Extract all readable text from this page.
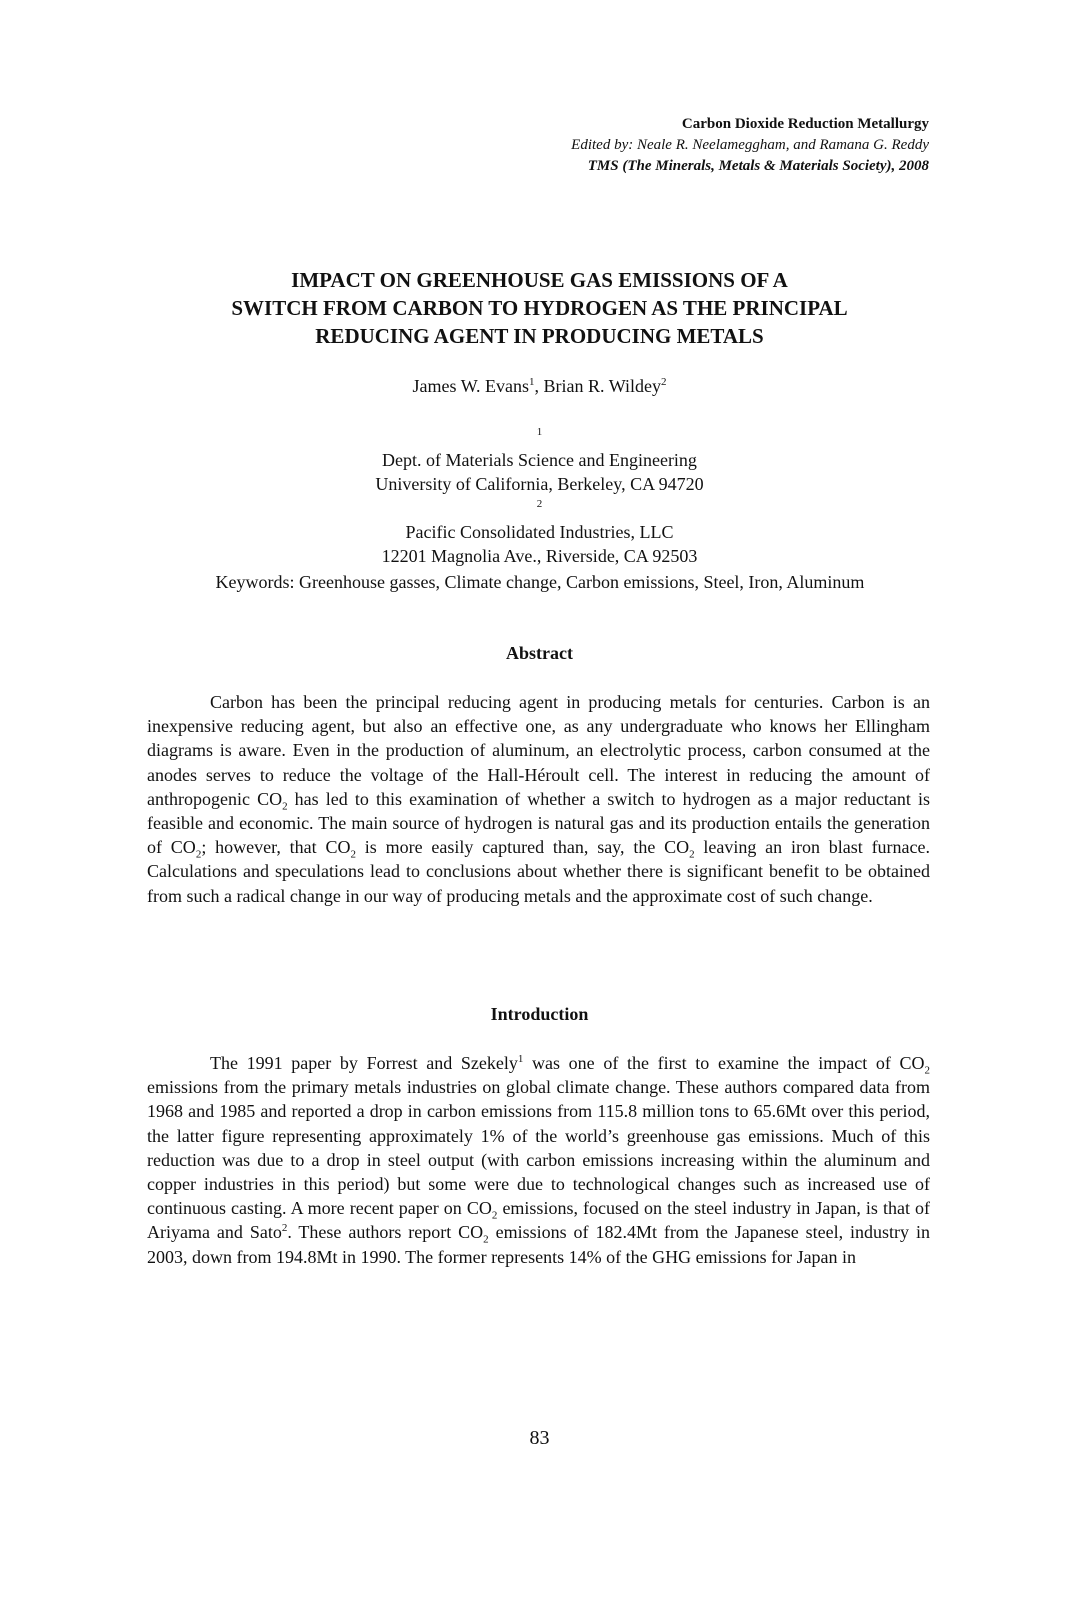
Carbon Dioxide Reduction Metallurgy
Edited by: Neale R. Neelameggham, and Ramana G. Reddy
TMS (The Minerals, Metals & Materials Society), 2008
IMPACT ON GREENHOUSE GAS EMISSIONS OF A
SWITCH FROM CARBON TO HYDROGEN AS THE PRINCIPAL
REDUCING AGENT IN PRODUCING METALS
James W. Evans$^1$, Brian R. Wildey$^2$
$^1$
Dept. of Materials Science and Engineering
University of California, Berkeley, CA 94720
$^2$
Pacific Consolidated Industries, LLC
12201 Magnolia Ave., Riverside, CA 92503
Keywords: Greenhouse gasses, Climate change, Carbon emissions, Steel, Iron, Aluminum
Abstract
Carbon has been the principal reducing agent in producing metals for centuries. Carbon is an inexpensive reducing agent, but also an effective one, as any undergraduate who knows her Ellingham diagrams is aware. Even in the production of aluminum, an electrolytic process, carbon consumed at the anodes serves to reduce the voltage of the Hall-Héroult cell. The interest in reducing the amount of anthropogenic $CO_2$ has led to this examination of whether a switch to hydrogen as a major reductant is feasible and economic. The main source of hydrogen is natural gas and its production entails the generation of $CO_2$; however, that $CO_2$ is more easily captured than, say, the $CO_2$ leaving an iron blast furnace. Calculations and speculations lead to conclusions about whether there is significant benefit to be obtained from such a radical change in our way of producing metals and the approximate cost of such change.
Introduction
The 1991 paper by Forrest and Szekely$^1$ was one of the first to examine the impact of $CO_2$ emissions from the primary metals industries on global climate change. These authors compared data from 1968 and 1985 and reported a drop in carbon emissions from 115.8 million tons to 65.6Mt over this period, the latter figure representing approximately 1% of the world’s greenhouse gas emissions. Much of this reduction was due to a drop in steel output (with carbon emissions increasing within the aluminum and copper industries in this period) but some were due to technological changes such as increased use of continuous casting. A more recent paper on $CO_2$ emissions, focused on the steel industry in Japan, is that of Ariyama and Sato$^2$. These authors report $CO_2$ emissions of 182.4Mt from the Japanese steel, industry in 2003, down from 194.8Mt in 1990. The former represents 14% of the GHG emissions for Japan in
83
